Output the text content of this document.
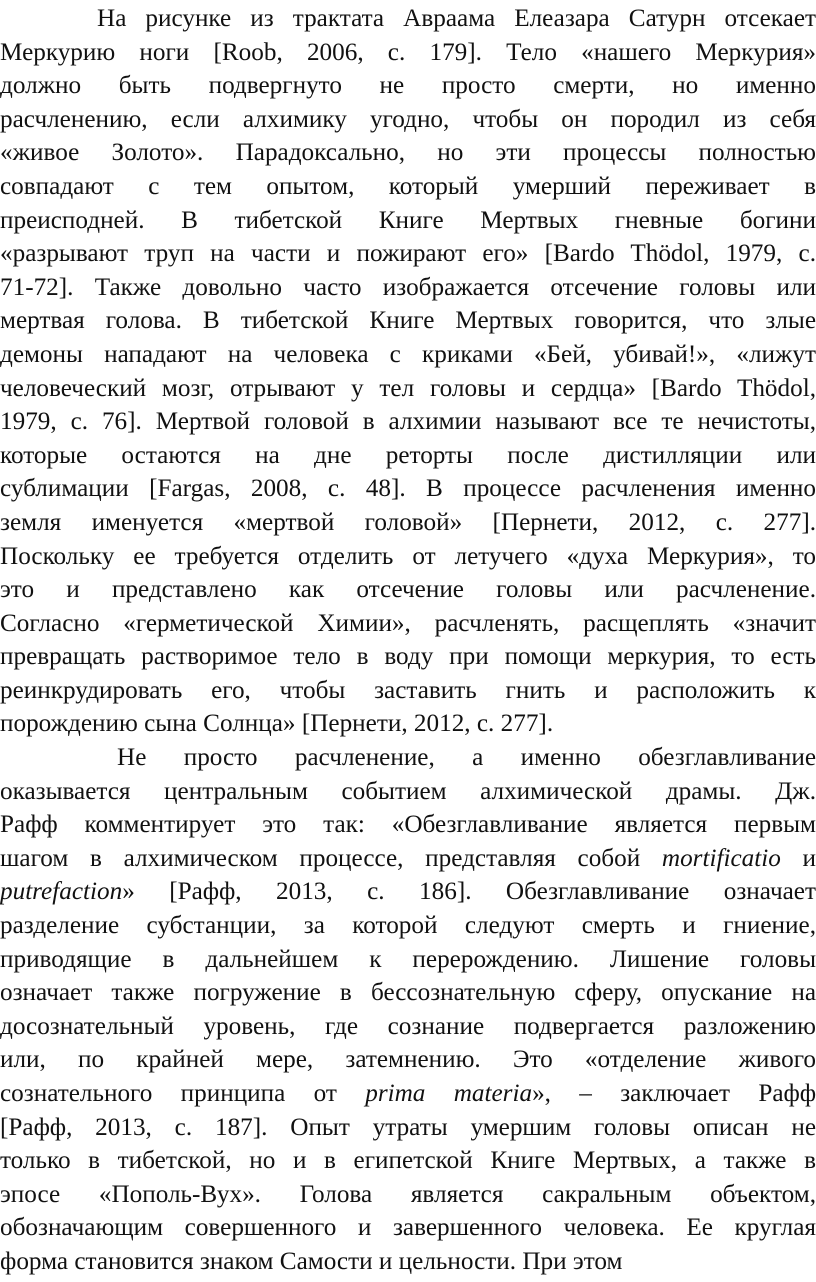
На рисунке из трактата Авраама Елеазара Сатурн отсекает
Меркурию ноги [Roob, 2006, с. 179]. Тело «нашего Меркурия»
должно быть подвергнуто не просто смерти, но именно
расчленению, если алхимику угодно, чтобы он породил из себя
«живое Золото». Парадоксально, но эти процессы полностью
совпадают с тем опытом, который умерший переживает в
преисподней. В тибетской Книге Мертвых гневные богини
«разрывают труп на части и пожирают его» [Bardo Thödol, 1979, с.
71-72]. Также довольно часто изображается отсечение головы или
мертвая голова. В тибетской Книге Мертвых говорится, что злые
демоны нападают на человека с криками «Бей, убивай!», «лижут
человеческий мозг, отрывают у тел головы и сердца» [Bardo Thödol,
1979, с. 76]. Мертвой головой в алхимии называют все те нечистоты,
которые остаются на дне реторты после дистилляции или
сублимации [Fargas, 2008, с. 48]. В процессе расчленения именно
земля именуется «мертвой головой» [Пернети, 2012, с. 277].
Поскольку ее требуется отделить от летучего «духа Меркурия», то
это и представлено как отсечение головы или расчленение.
Согласно «герметической Химии», расчленять, расщеплять «значит
превращать растворимое тело в воду при помощи меркурия, то есть
реинкрудировать его, чтобы заставить гнить и расположить к
порождению сына Солнца» [Пернети, 2012, с. 277].
Не просто расчленение, а именно обезглавливание
оказывается центральным событием алхимической драмы. Дж.
Рафф комментирует это так: «Обезглавливание является первым
шагом в алхимическом процессе, представляя собой mortificatio и
putrefaction» [Рафф, 2013, с. 186]. Обезглавливание означает
разделение субстанции, за которой следуют смерть и гниение,
приводящие в дальнейшем к перерождению. Лишение головы
означает также погружение в бессознательную сферу, опускание на
досознательный уровень, где сознание подвергается разложению
или, по крайней мере, затемнению. Это «отделение живого
сознательного принципа от prima materia», – заключает Рафф
[Рафф, 2013, с. 187]. Опыт утраты умершим головы описан не
только в тибетской, но и в египетской Книге Мертвых, а также в
эпосе «Пополь-Вух». Голова является сакральным объектом,
обозначающим совершенного и завершенного человека. Ее круглая
форма становится знаком Самости и цельности. При этом
